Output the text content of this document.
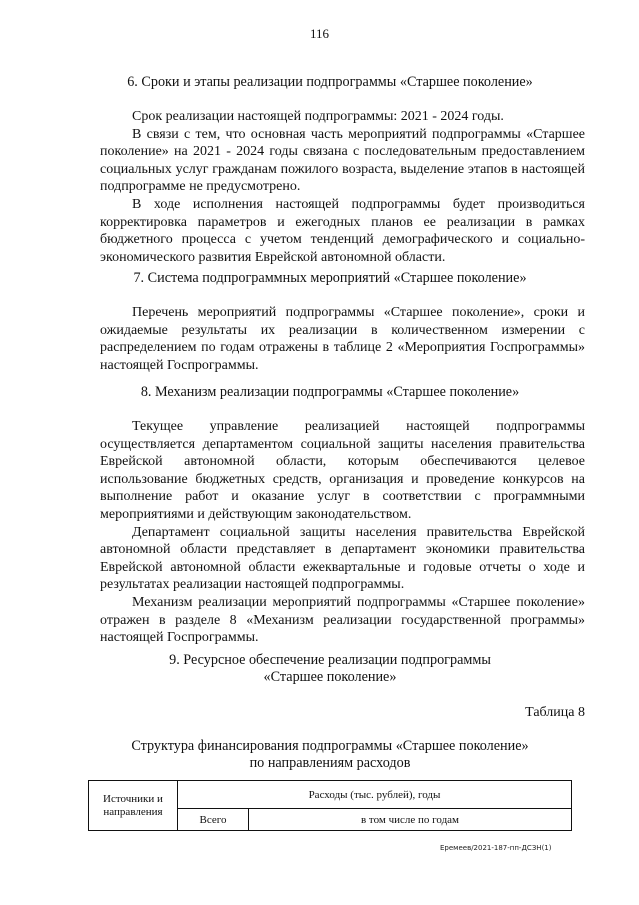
116
6. Сроки и этапы реализации подпрограммы «Старшее поколение»

Срок реализации настоящей подпрограммы: 2021 - 2024 годы.

В связи с тем, что основная часть мероприятий подпрограммы «Старшее поколение» на 2021 - 2024 годы связана с последовательным предоставлением социальных услуг гражданам пожилого возраста, выделение этапов в настоящей подпрограмме не предусмотрено.

В ходе исполнения настоящей подпрограммы будет производиться корректировка параметров и ежегодных планов ее реализации в рамках бюджетного процесса с учетом тенденций демографического и социально-экономического развития Еврейской автономной области.

7. Система подпрограммных мероприятий «Старшее поколение»

Перечень мероприятий подпрограммы «Старшее поколение», сроки и ожидаемые результаты их реализации в количественном измерении с распределением по годам отражены в таблице 2 «Мероприятия Госпрограммы» настоящей Госпрограммы.

8. Механизм реализации подпрограммы «Старшее поколение»

Текущее управление реализацией настоящей подпрограммы осуществляется департаментом социальной защиты населения правительства Еврейской автономной области, которым обеспечиваются целевое использование бюджетных средств, организация и проведение конкурсов на выполнение работ и оказание услуг в соответствии с программными мероприятиями и действующим законодательством.

Департамент социальной защиты населения правительства Еврейской автономной области представляет в департамент экономики правительства Еврейской автономной области ежеквартальные и годовые отчеты о ходе и результатах реализации настоящей подпрограммы.

Механизм реализации мероприятий подпрограммы «Старшее поколение» отражен в разделе 8 «Механизм реализации государственной программы» настоящей Госпрограммы.

9. Ресурсное обеспечение реализации подпрограммы
«Старшее поколение»
Таблица 8
Структура финансирования подпрограммы «Старшее поколение»
по направлениям расходов
Источники и направления	Расходы (тыс. рублей), годы	
	Всего	в том числе по годам
Еремеев/2021-187-пп-ДСЗН(1)
